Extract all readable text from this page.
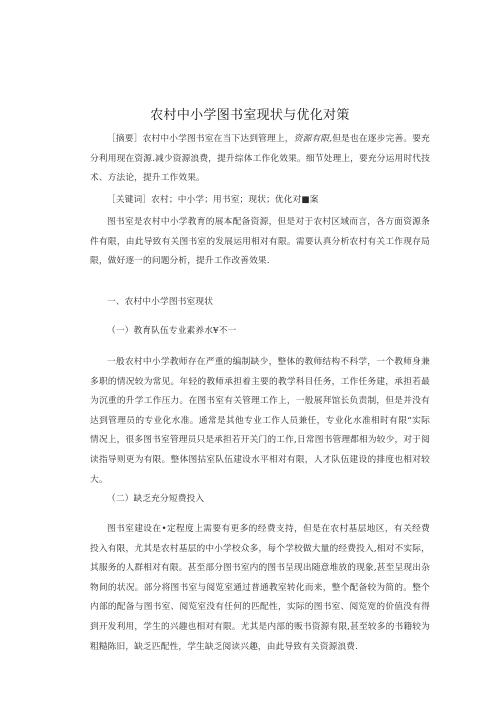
农村中小学图书室现状与优化对策

［摘要］农村中小学图书室在当下达到管理上，资源有限,但是也在逐步完善。要充分利用现在资源.减少资源浪费，提升综体工作化效果。细节处理上，要充分运用时代技术、方法论，提升工作效果。

［关键词］农村；中小学；用书室；现状；优化对■案

图书室是农村中小学教育的展本配备资源，但是对于农村区域而言，各方面资源条件有限，由此导致有关图书室的发展运用相对有限。需要认真分析农村有关工作现存局限，做好逐一的问题分析，提升工作改善效果.

一、农村中小学图书室现状

（一）教育队伍专业素养水¥不一

一般农村中小学教师存在严重的编制缺少，整体的教师结构不科学，一个教师身兼多职的情况较为常见。年轻的教师承担着主要的教学科目任务，工作任务建，承担若最为沉重的升学工作压力。在图书室有关管理工作上，一般展拜馆长负责制，但是并没有达到管理员的专业化水准。通常是其他专业工作人员兼任，专业化水准相时有限“实际情况上，很多图书室管理员只是承担若开关门的工作,日常图书管理都相为较少，对于阅读指导则更为有限。整体图拈室队伍建设水平相对有限，人才队伍建设的排度也相对较大。

（二）缺乏充分短费投入

图书室建设在•定程度上需要有更多的经费支持，但是在农村基层地区，有关经费投入有限，尤其是农村基层的中小学校众多，每个学校做大量的经费投入,相对不实际，其服务的人群相对有限。甚至部分图书室内的图书呈现出随意堆放的现象,甚至呈现出杂物间的状况。部分将图书室与阅览室通过普通教室转化而来，整个配备较为简的。整个内部的配备与图书室、阅览室没有任何的匹配性，实际的图书室、阅览宽的价值没有得到开发利用，学生的兴趣也相对有限。尤其是内部的贩书资源有限,甚至较多的书籍较为粗糙陈旧，缺乏匹配性，学生缺乏阅读兴趣，由此导致有关资源浪费.
